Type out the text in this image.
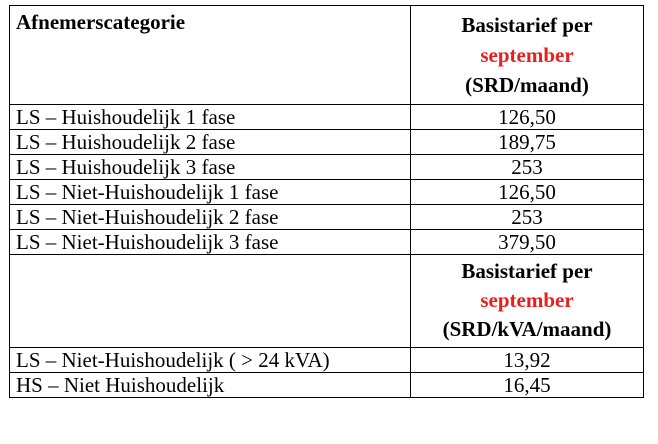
Afnemerscategorie	Basistarief per
september
(SRD/maand)

LS – Huishoudelijk 1 fase	126,50
LS – Huishoudelijk 2 fase	189,75
LS – Huishoudelijk 3 fase	253
LS – Niet-Huishoudelijk 1 fase	126,50
LS – Niet-Huishoudelijk 2 fase	253
LS – Niet-Huishoudelijk 3 fase	379,50

	Basistarief per
september
(SRD/kVA/maand)

LS – Niet-Huishoudelijk ( > 24 kVA)	13,92
HS – Niet Huishoudelijk	16,45
